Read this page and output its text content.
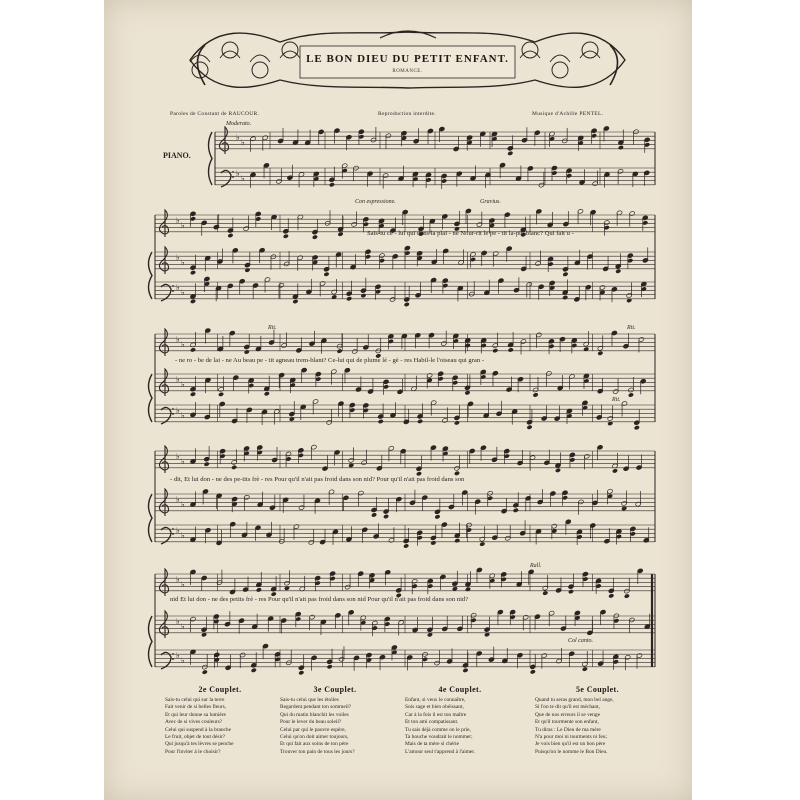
♭
♭
♭
♭
♭
♭
♭
♭
♭
♭
♭
♭
♭
♭
♭
♭
♭
♭
♭
♭
♭
♭
♭
♭
♭
♭
♭
♭
LE BON DIEU DU PETIT ENFANT.
ROMANCE.
Paroles de Constant de RAUCOUR.	Reproduction interdite.	Musique d'Achille PENTEL.
PIANO.
Moderato.
Con espressione.	Gravius.
Rit.	Rit.
Rit.
Rall.
Col canto.
Sais-tu ce - lui qui dans la plai - ne Nour-rit le pe - tit la-pin blanc? Qui fait u -
- ne ro - be de lai - ne Au beau pe - tit agneau trem-blant? Ce-lui qui de plume lé - gè - res Habil-le l'oiseau qui gran -
- dit, Et lui don - ne des pe-tits frè - res Pour qu'il n'ait pas froid dans son nid? Pour qu'il n'ait pas froid dans son
nid Et lui don - ne des petits frè - res Pour qu'il n'ait pas froid dans son nid Pour qu'il n'ait pas froid dans son nid?
2e Couplet.
Sais-tu celui qui sur la terre
Fait venir de si belles fleurs,
Et qui leur donne sa lumière
Avec de si vives couleurs?
Celui qui suspend à la branche
Le fruit, objet de tout désir?
Qui jusqu'à tes lèvres se penche
Pour l'inviter à le choisir?
3e Couplet.
Sais-tu celui que les étoiles
Regardent pendant ton sommeil?
Qui du matin blanchit les voiles
Pour le lever du beau soleil?
Celui par qui le pauvre espère,
Celui qu'on doit aimer toujours,
Et qui fait aux soins de ton père
Trouver ton pain de tous les jours?
4e Couplet.
Enfant, si veux le connaître,
Sois sage et bien obéissant,
Car à la fois il est ton maître
Et ton ami compatissant.
Tu sais déjà comme on le prie,
Ta bouche voudrait le nommer;
Mais de ta mère si chérie
L'amour seul t'apprend à l'aimer.
5e Couplet.
Quand tu seras grand, mon bel ange,
Si l'on te dit qu'il est méchant,
Que de nos erreurs il se venge
Et qu'il tourmente son enfant,
Tu diras : Le Dieu de ma mère
N'a pour moi ni tourments ni feu;
Je vois bien qu'il est un bon père
Puisqu'on le nomme le Bon Dieu.
